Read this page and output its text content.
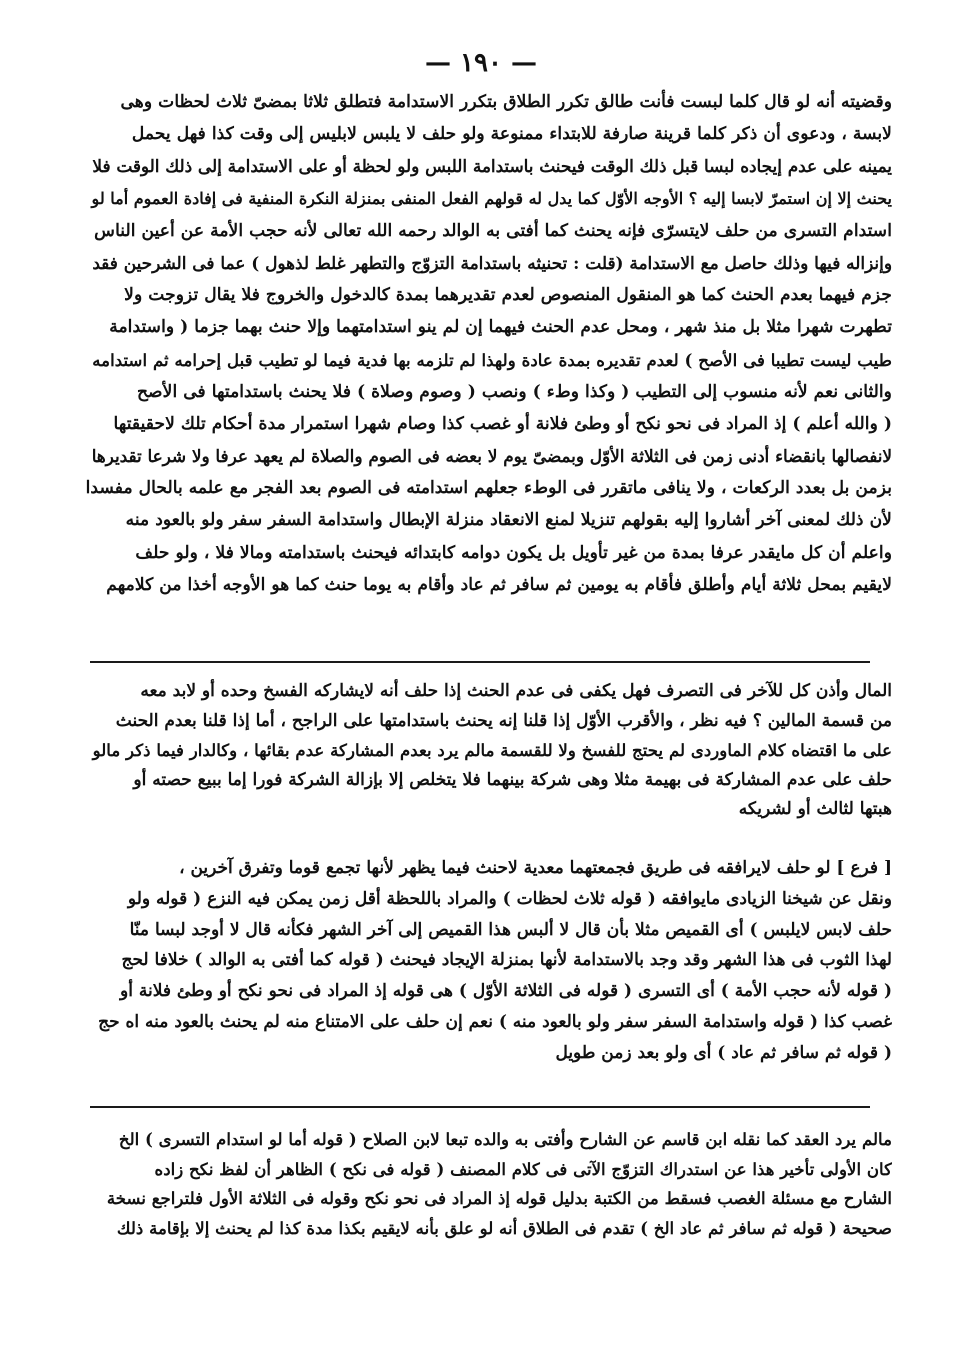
— ١٩٠ —
وقضيته أنه لو قال كلما لبست فأنت طالق تكرر الطلاق بتكرر الاستدامة فتطلق ثلاثا بمضىّ ثلاث لحظات وهى
لابسة ، ودعوى أن ذكر كلما قرينة صارفة للابتداء ممنوعة ولو حلف لا يلبس لابليس إلى وقت كذا فهل يحمل
يمينه على عدم إيجاده لبسا قبل ذلك الوقت فيحنث باستدامة اللبس ولو لحظة أو على الاستدامة إلى ذلك الوقت فلا
يحنث إلا إن استمرّ لابسا إليه ؟ الأوجه الأوّل كما يدل له قولهم الفعل المنفى بمنزلة النكرة المنفية فى إفادة العموم أما لو
استدام التسرى من حلف لايتسرّى فإنه يحنث كما أفتى به الوالد رحمه الله تعالى لأنه حجب الأمة عن أعين الناس
وإنزاله فيها وذلك حاصل مع الاستدامة (قلت : تحنيثه باستدامة التزوّج والتطهر غلط لذهول ) عما فى الشرحين فقد
جزم فيهما بعدم الحنث كما هو المنقول المنصوص لعدم تقديرهما بمدة كالدخول والخروج فلا يقال تزوجت ولا
تطهرت شهرا مثلا بل منذ شهر ، ومحل عدم الحنث فيهما إن لم ينو استدامتهما وإلا حنث بهما جزما ( واستدامة
طيب ليست تطيبا فى الأصح ) لعدم تقديره بمدة عادة ولهذا لم تلزمه بها فدية فيما لو تطيب قبل إحرامه ثم استدامه
والثانى نعم لأنه منسوب إلى التطيب ( وكذا وطء ) ونصب ( وصوم وصلاة ) فلا يحنث باستدامتها فى الأصح
( والله أعلم ) إذ المراد فى نحو نكح أو وطئ فلانة أو غصب كذا وصام شهرا استمرار مدة أحكام تلك لاحقيقتها
لانفصالها بانقضاء أدنى زمن فى الثلاثة الأوّل وبمضىّ يوم لا بعضه فى الصوم والصلاة لم يعهد عرفا ولا شرعا تقديرها
بزمن بل بعدد الركعات ، ولا ينافى ماتقرر فى الوطء جعلهم استدامته فى الصوم بعد الفجر مع علمه بالحال مفسدا
لأن ذلك لمعنى آخر أشاروا إليه بقولهم تنزيلا لمنع الانعقاد منزلة الإبطال واستدامة السفر سفر ولو بالعود منه
واعلم أن كل مايقدر عرفا بمدة من غير تأويل بل يكون دوامه كابتدائه فيحنث باستدامته ومالا فلا ، ولو حلف
لايقيم بمحل ثلاثة أيام وأطلق فأقام به يومين ثم سافر ثم عاد وأقام به يوما حنث كما هو الأوجه أخذا من كلامهم
المال وأذن كل للآخر فى التصرف فهل يكفى فى عدم الحنث إذا حلف أنه لايشاركه الفسخ وحده أو لابد معه
من قسمة المالين ؟ فيه نظر ، والأقرب الأوّل إذا قلنا إنه يحنث باستدامتها على الراجح ، أما إذا قلنا بعدم الحنث
على ما اقتضاه كلام الماوردى لم يحتج للفسخ ولا للقسمة مالم يرد بعدم المشاركة عدم بقائها ، وكالدار فيما ذكر مالو
حلف على عدم المشاركة فى بهيمة مثلا وهى شركة بينهما فلا يتخلص إلا بإزالة الشركة فورا إما ببيع حصته أو
هبتها لثالث أو لشريكه
[ فرع ] لو حلف لايرافقه فى طريق فجمعتهما معدية لاحنث فيما يظهر لأنها تجمع قوما وتفرق آخرين ،
ونقل عن شيخنا الزيادى مايوافقه ( قوله ثلاث لحظات ) والمراد باللحظة أقل زمن يمكن فيه النزع ( قوله ولو
حلف لابس لايلبس ) أى القميص مثلا بأن قال لا ألبس هذا القميص إلى آخر الشهر فكأنه قال لا أوجد لبسا منّا
لهذا الثوب فى هذا الشهر وقد وجد بالاستدامة لأنها بمنزلة الإيجاد فيحنث ( قوله كما أفتى به الوالد ) خلافا لحج
( قوله لأنه حجب الأمة ) أى التسرى ( قوله فى الثلاثة الأوّل ) هى قوله إذ المراد فى نحو نكح أو وطئ فلانة أو
غصب كذا ( قوله واستدامة السفر سفر ولو بالعود منه ) نعم إن حلف على الامتناع منه لم يحنث بالعود منه اه حج
( قوله ثم سافر ثم عاد ) أى ولو بعد زمن طويل
مالم يرد العقد كما نقله ابن قاسم عن الشارح وأفتى به والده تبعا لابن الصلاح ( قوله أما لو استدام التسرى ) الخ
كان الأولى تأخير هذا عن استدراك التزوّج الآتى فى كلام المصنف ( قوله فى نكح ) الظاهر أن لفظ نكح زاده
الشارح مع مسئلة الغصب فسقط من الكتبة بدليل قوله إذ المراد فى نحو نكح وقوله فى الثلاثة الأول فلتراجع نسخة
صحيحة ( قوله ثم سافر ثم عاد الخ ) تقدم فى الطلاق أنه لو علق بأنه لايقيم بكذا مدة كذا لم يحنث إلا بإقامة ذلك
